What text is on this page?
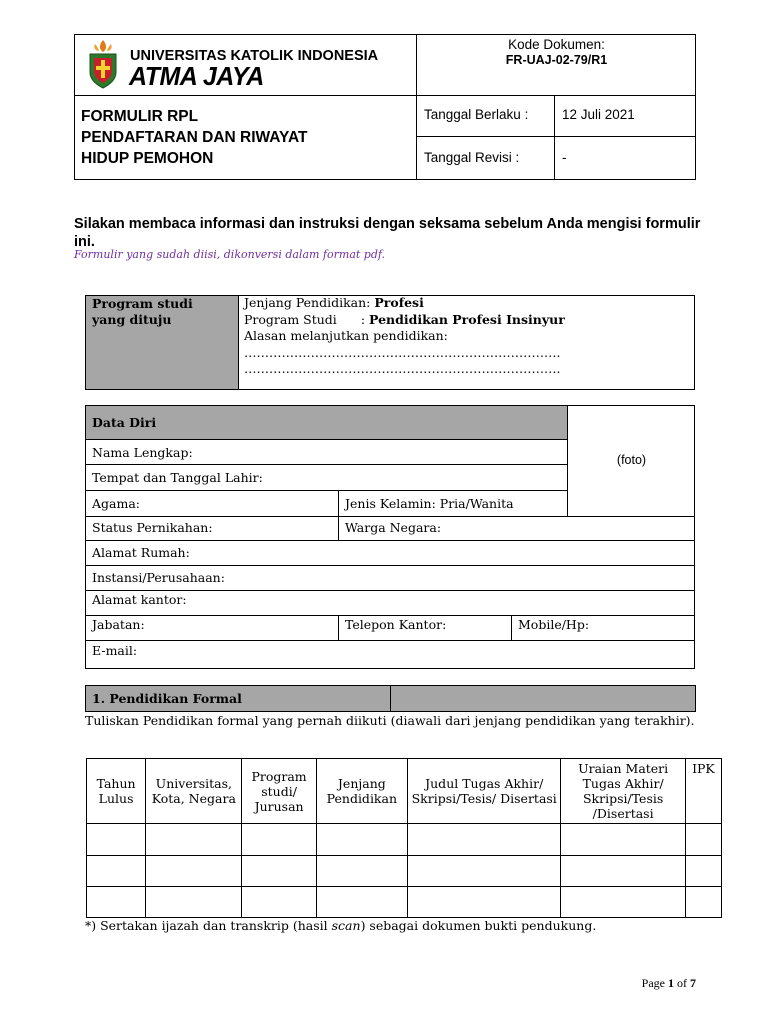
UNIVERSITAS KATOLIK INDONESIA
ATMA JAYA
Kode Dokumen:
FR-UAJ-02-79/R1
FORMULIR RPL
PENDAFTARAN DAN RIWAYAT
HIDUP PEMOHON
Tanggal Berlaku : 12 Juli 2021
Tanggal Revisi :	-
Silakan membaca informasi dan instruksi dengan seksama sebelum Anda mengisi formulir ini.
Formulir yang sudah diisi, dikonversi dalam format pdf.
Program studi yang dituju
Jenjang Pendidikan: Profesi
Program Studi : Pendidikan Profesi Insinyur
Alasan melanjutkan pendidikan:
………………………………………………………………….
………………………………………………………………….
Data Diri
(foto)
Nama Lengkap:
Tempat dan Tanggal Lahir:
Agama:	Jenis Kelamin: Pria/Wanita
Status Pernikahan:	Warga Negara:
Alamat Rumah:
Instansi/Perusahaan:
Alamat kantor:
Jabatan:	Telepon Kantor:	Mobile/Hp:
E-mail:
1. Pendidikan Formal
Tuliskan Pendidikan formal yang pernah diikuti (diawali dari jenjang pendidikan yang terakhir).
Tahun Lulus	Universitas, Kota, Negara	Program studi/ Jurusan	Jenjang Pendidikan	Judul Tugas Akhir/ Skripsi/Tesis/ Disertasi	Uraian Materi Tugas Akhir/ Skripsi/Tesis /Disertasi	IPK

*) Sertakan ijazah dan transkrip (hasil scan) sebagai dokumen bukti pendukung.
Page 1 of 7
